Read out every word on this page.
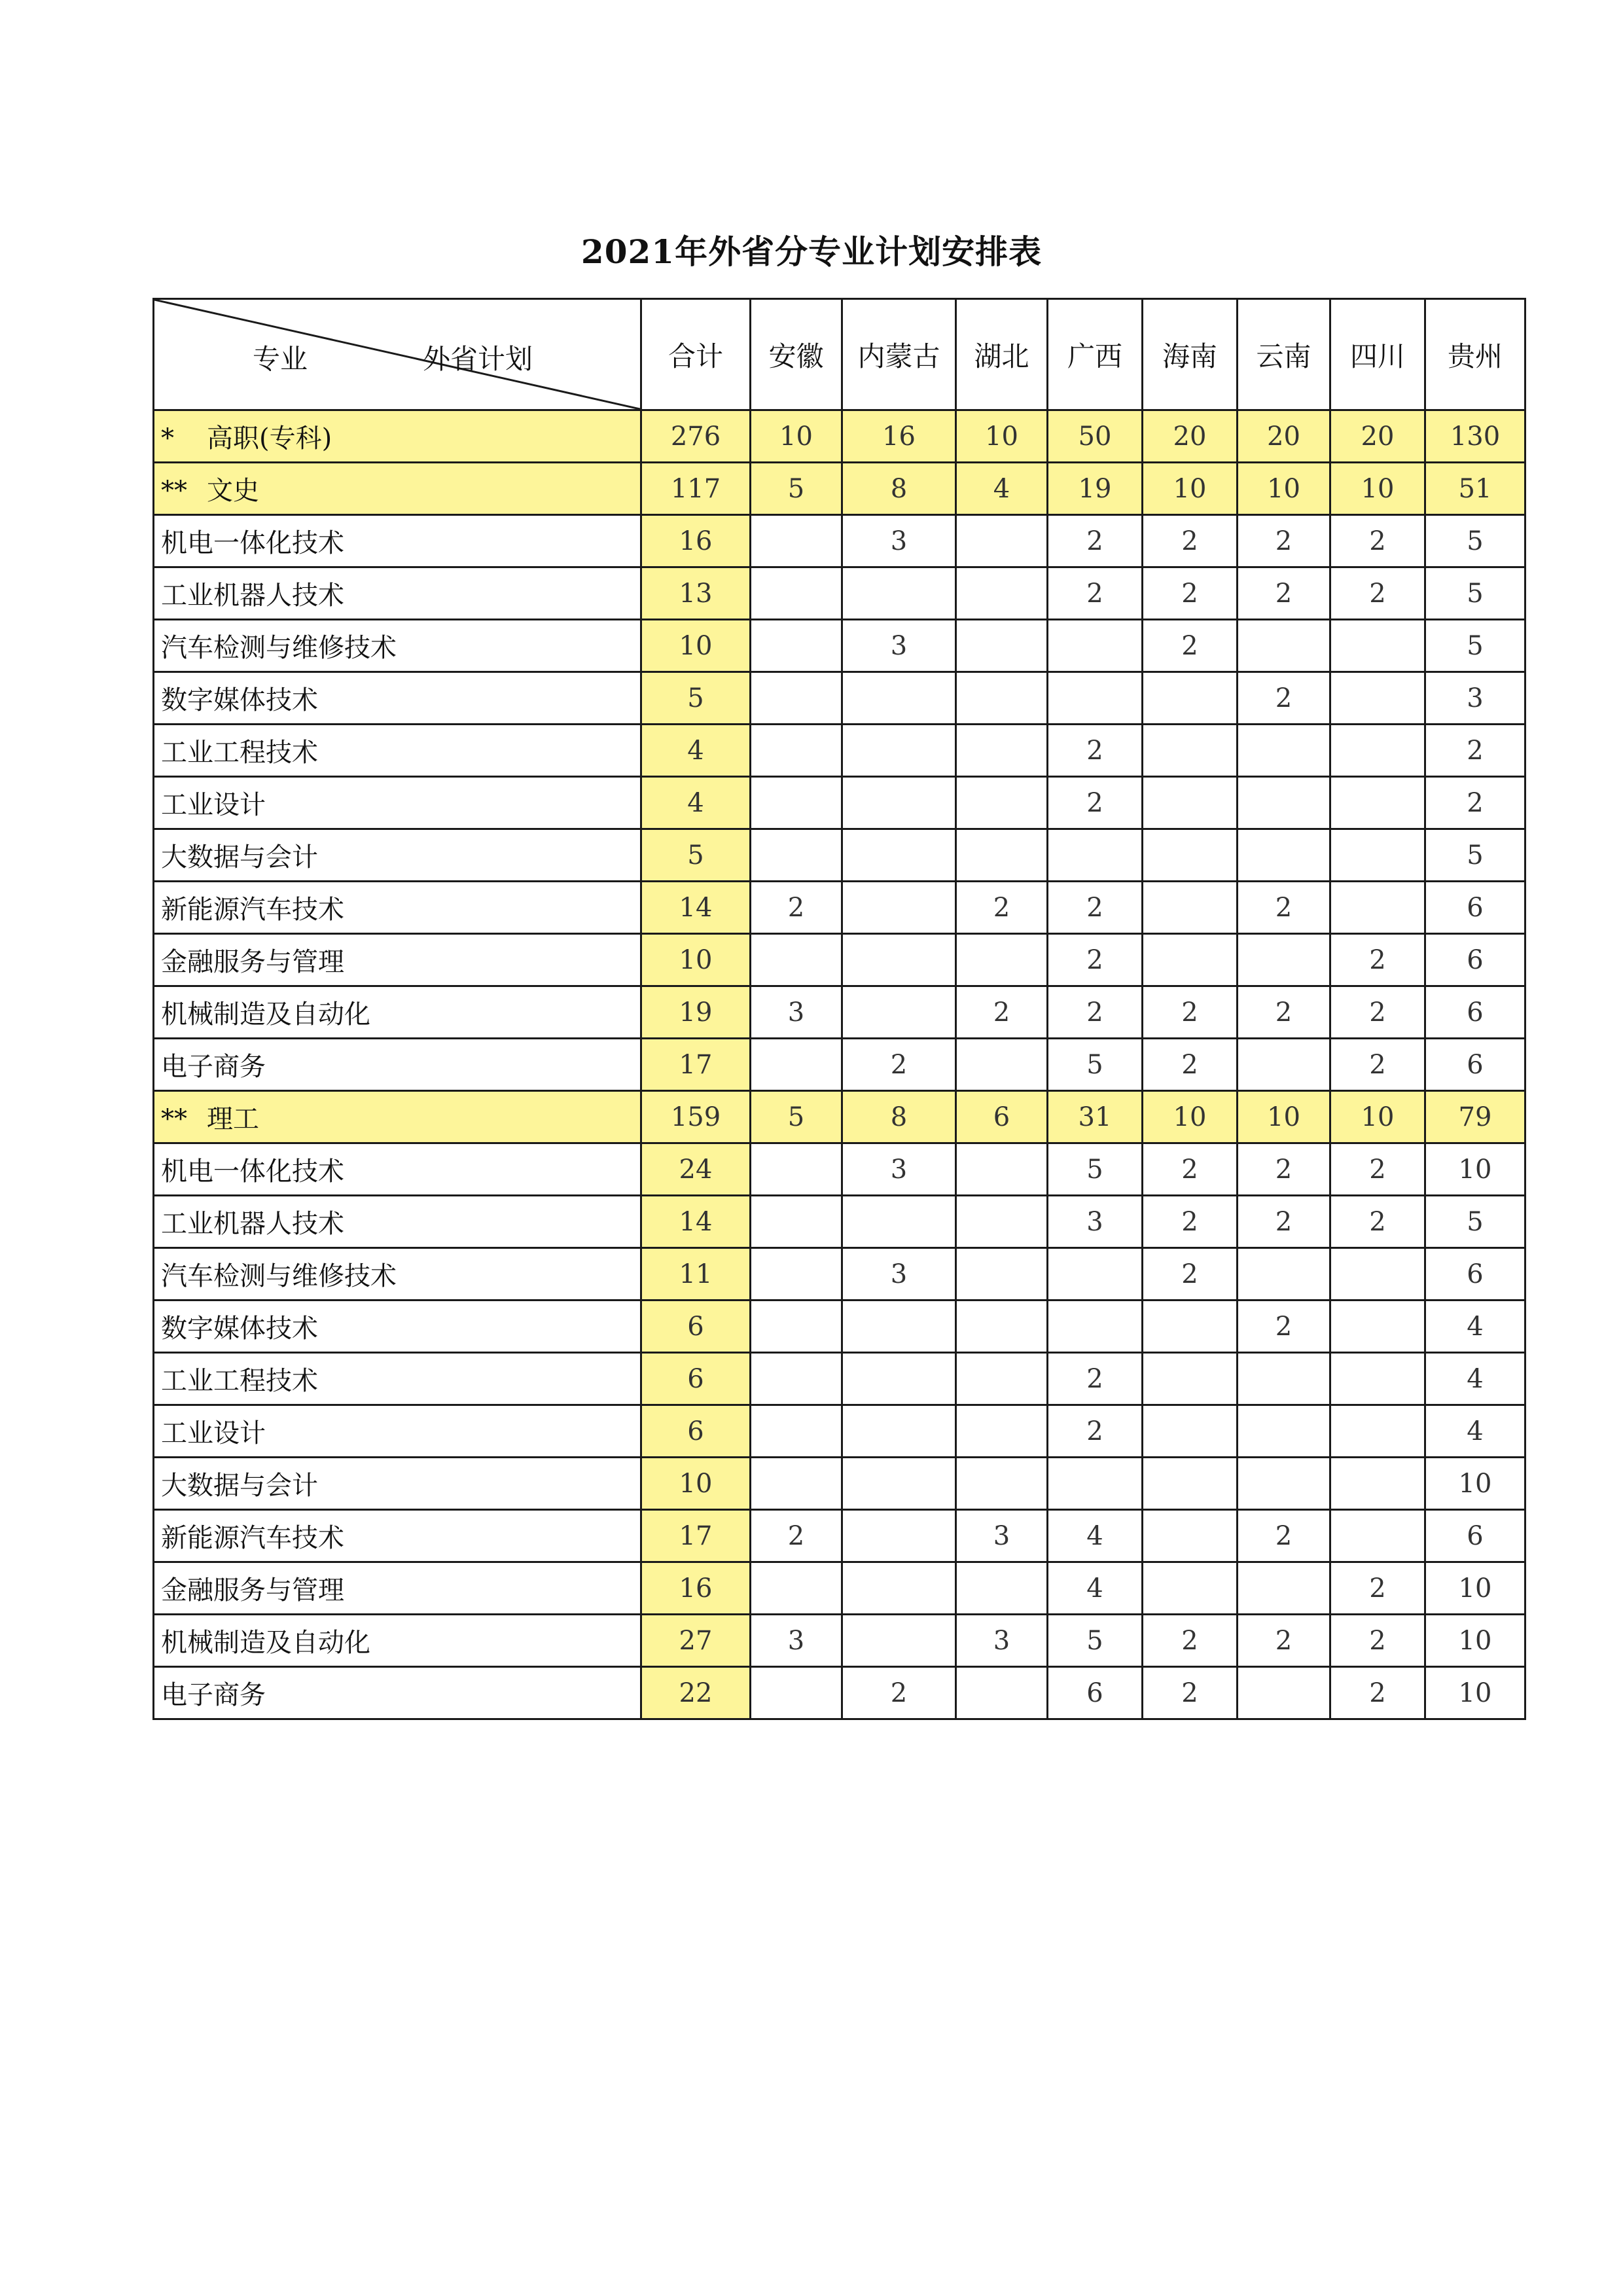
2021年外省分专业计划安排表
专业 外省计划	合计	安徽	内蒙古	湖北	广西	海南	云南	四川	贵州
* 高职(专科)	276	10	16	10	50	20	20	20	130
** 文史	117	5	8	4	19	10	10	10	51
机电一体化技术	16		3		2	2	2	2	5
工业机器人技术	13				2	2	2	2	5
汽车检测与维修技术	10		3			2			5
数字媒体技术	5						2		3
工业工程技术	4				2				2
工业设计	4				2				2
大数据与会计	5								5
新能源汽车技术	14	2		2	2		2		6
金融服务与管理	10				2			2	6
机械制造及自动化	19	3		2	2	2	2	2	6
电子商务	17		2		5	2		2	6
** 理工	159	5	8	6	31	10	10	10	79
机电一体化技术	24		3		5	2	2	2	10
工业机器人技术	14				3	2	2	2	5
汽车检测与维修技术	11		3			2			6
数字媒体技术	6						2		4
工业工程技术	6				2				4
工业设计	6				2				4
大数据与会计	10								10
新能源汽车技术	17	2		3	4		2		6
金融服务与管理	16				4			2	10
机械制造及自动化	27	3		3	5	2	2	2	10
电子商务	22		2		6	2		2	10
